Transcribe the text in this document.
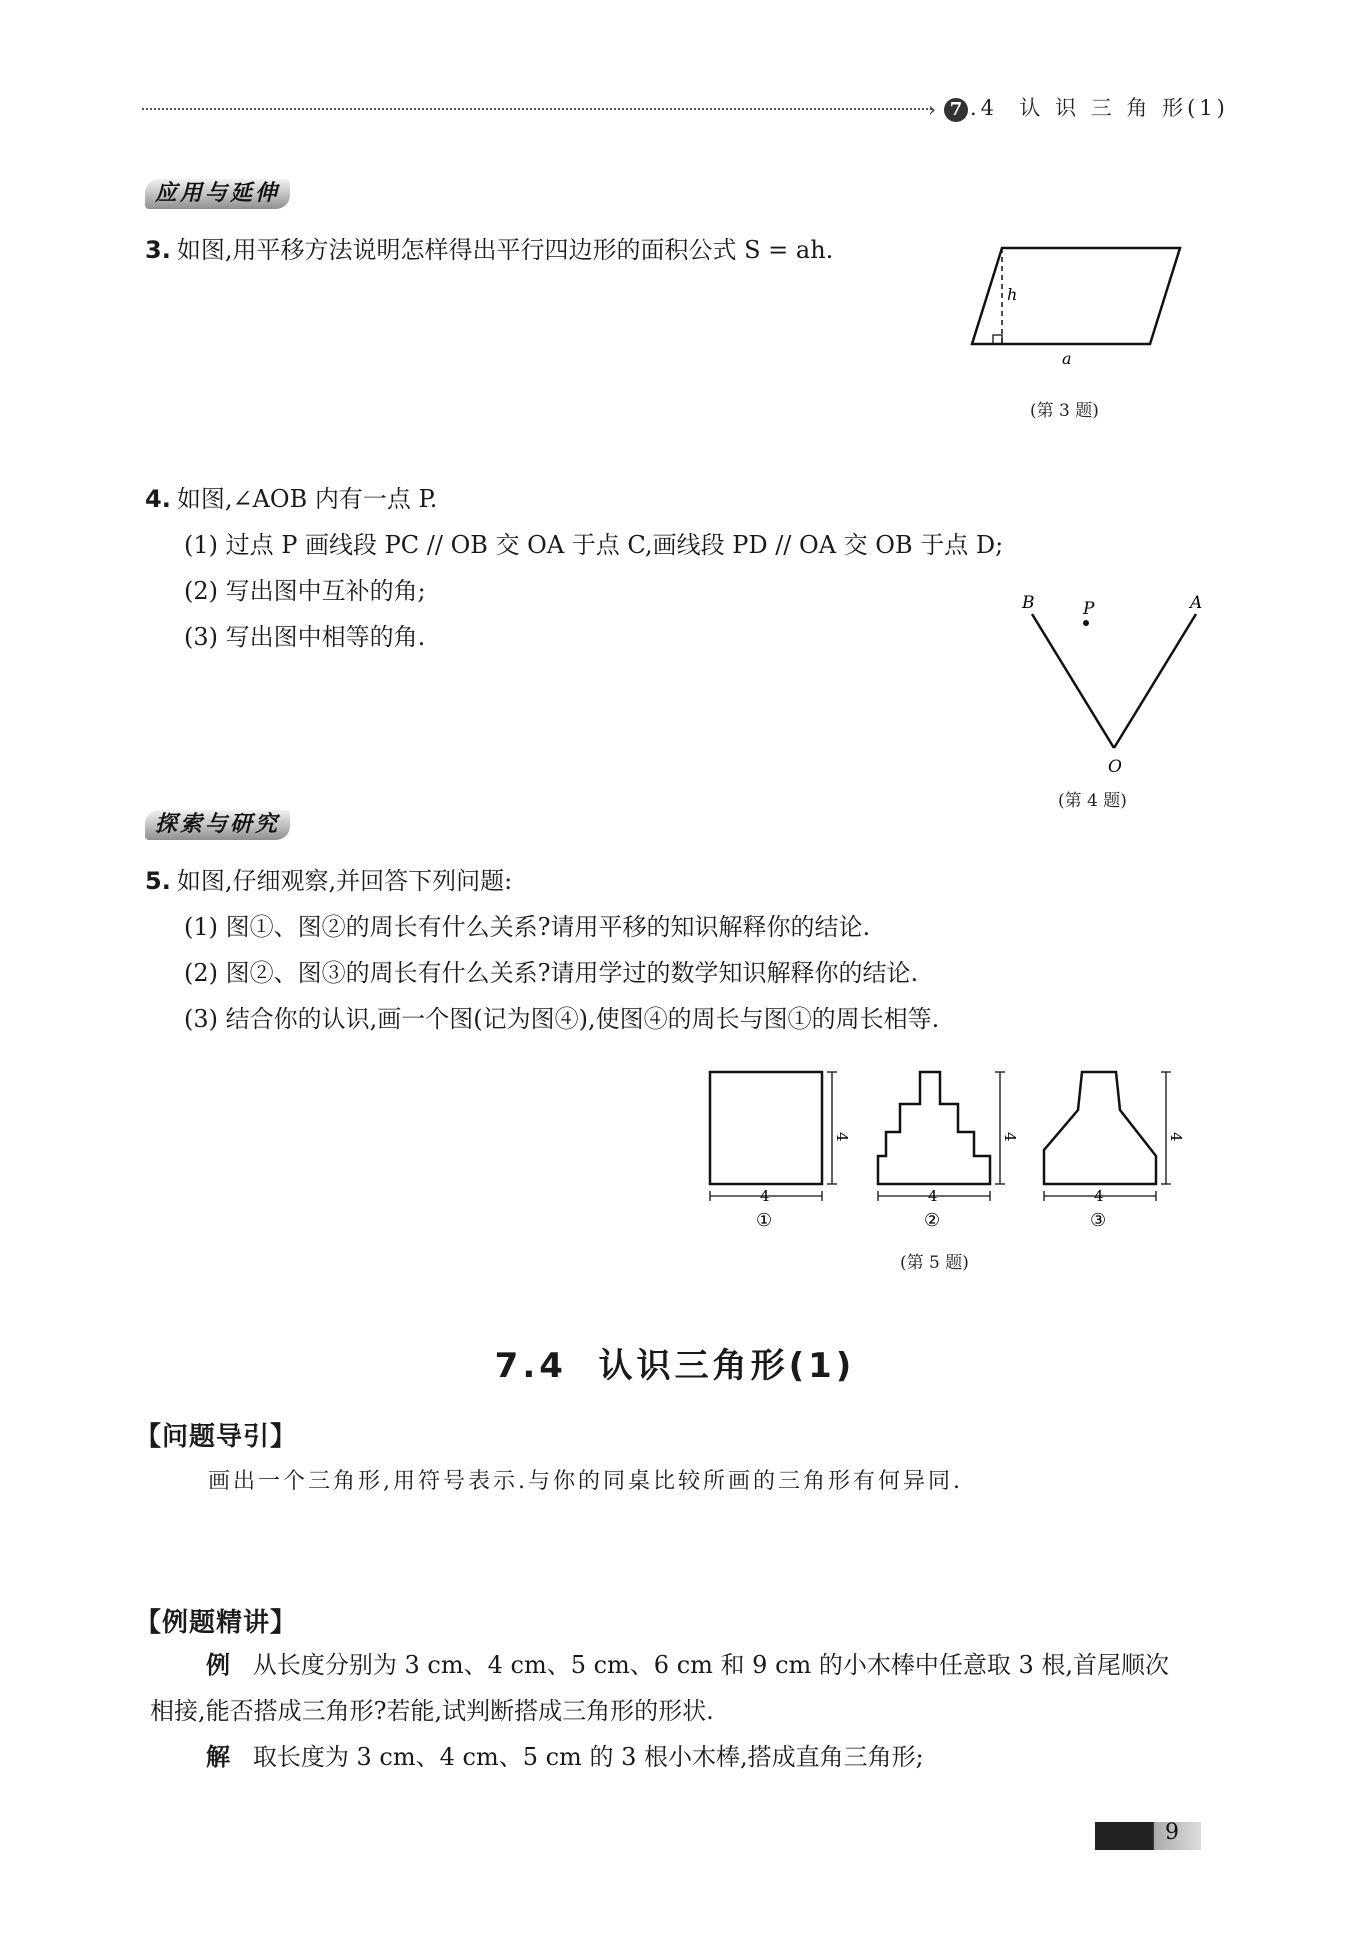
› 7 .4 认 识 三 角 形(1)
应用与延伸
3. 如图,用平移方法说明怎样得出平行四边形的面积公式 S = ah.
h
a
(第 3 题)
4. 如图,∠AOB 内有一点 P.
(1) 过点 P 画线段 PC // OB 交 OA 于点 C,画线段 PD // OA 交 OB 于点 D;
(2) 写出图中互补的角;
(3) 写出图中相等的角.
B	P	A
O
(第 4 题)
探索与研究
5. 如图,仔细观察,并回答下列问题:
(1) 图①、图②的周长有什么关系?请用平移的知识解释你的结论.
(2) 图②、图③的周长有什么关系?请用学过的数学知识解释你的结论.
(3) 结合你的认识,画一个图(记为图④),使图④的周长与图①的周长相等.
4
4
①
4
4
②
4
4
③
(第 5 题)
7.4 认识三角形(1)
【问题导引】
画出一个三角形,用符号表示.与你的同桌比较所画的三角形有何异同.
【例题精讲】
例 从长度分别为 3 cm、4 cm、5 cm、6 cm 和 9 cm 的小木棒中任意取 3 根,首尾顺次
相接,能否搭成三角形?若能,试判断搭成三角形的形状.
解 取长度为 3 cm、4 cm、5 cm 的 3 根小木棒,搭成直角三角形;
9
